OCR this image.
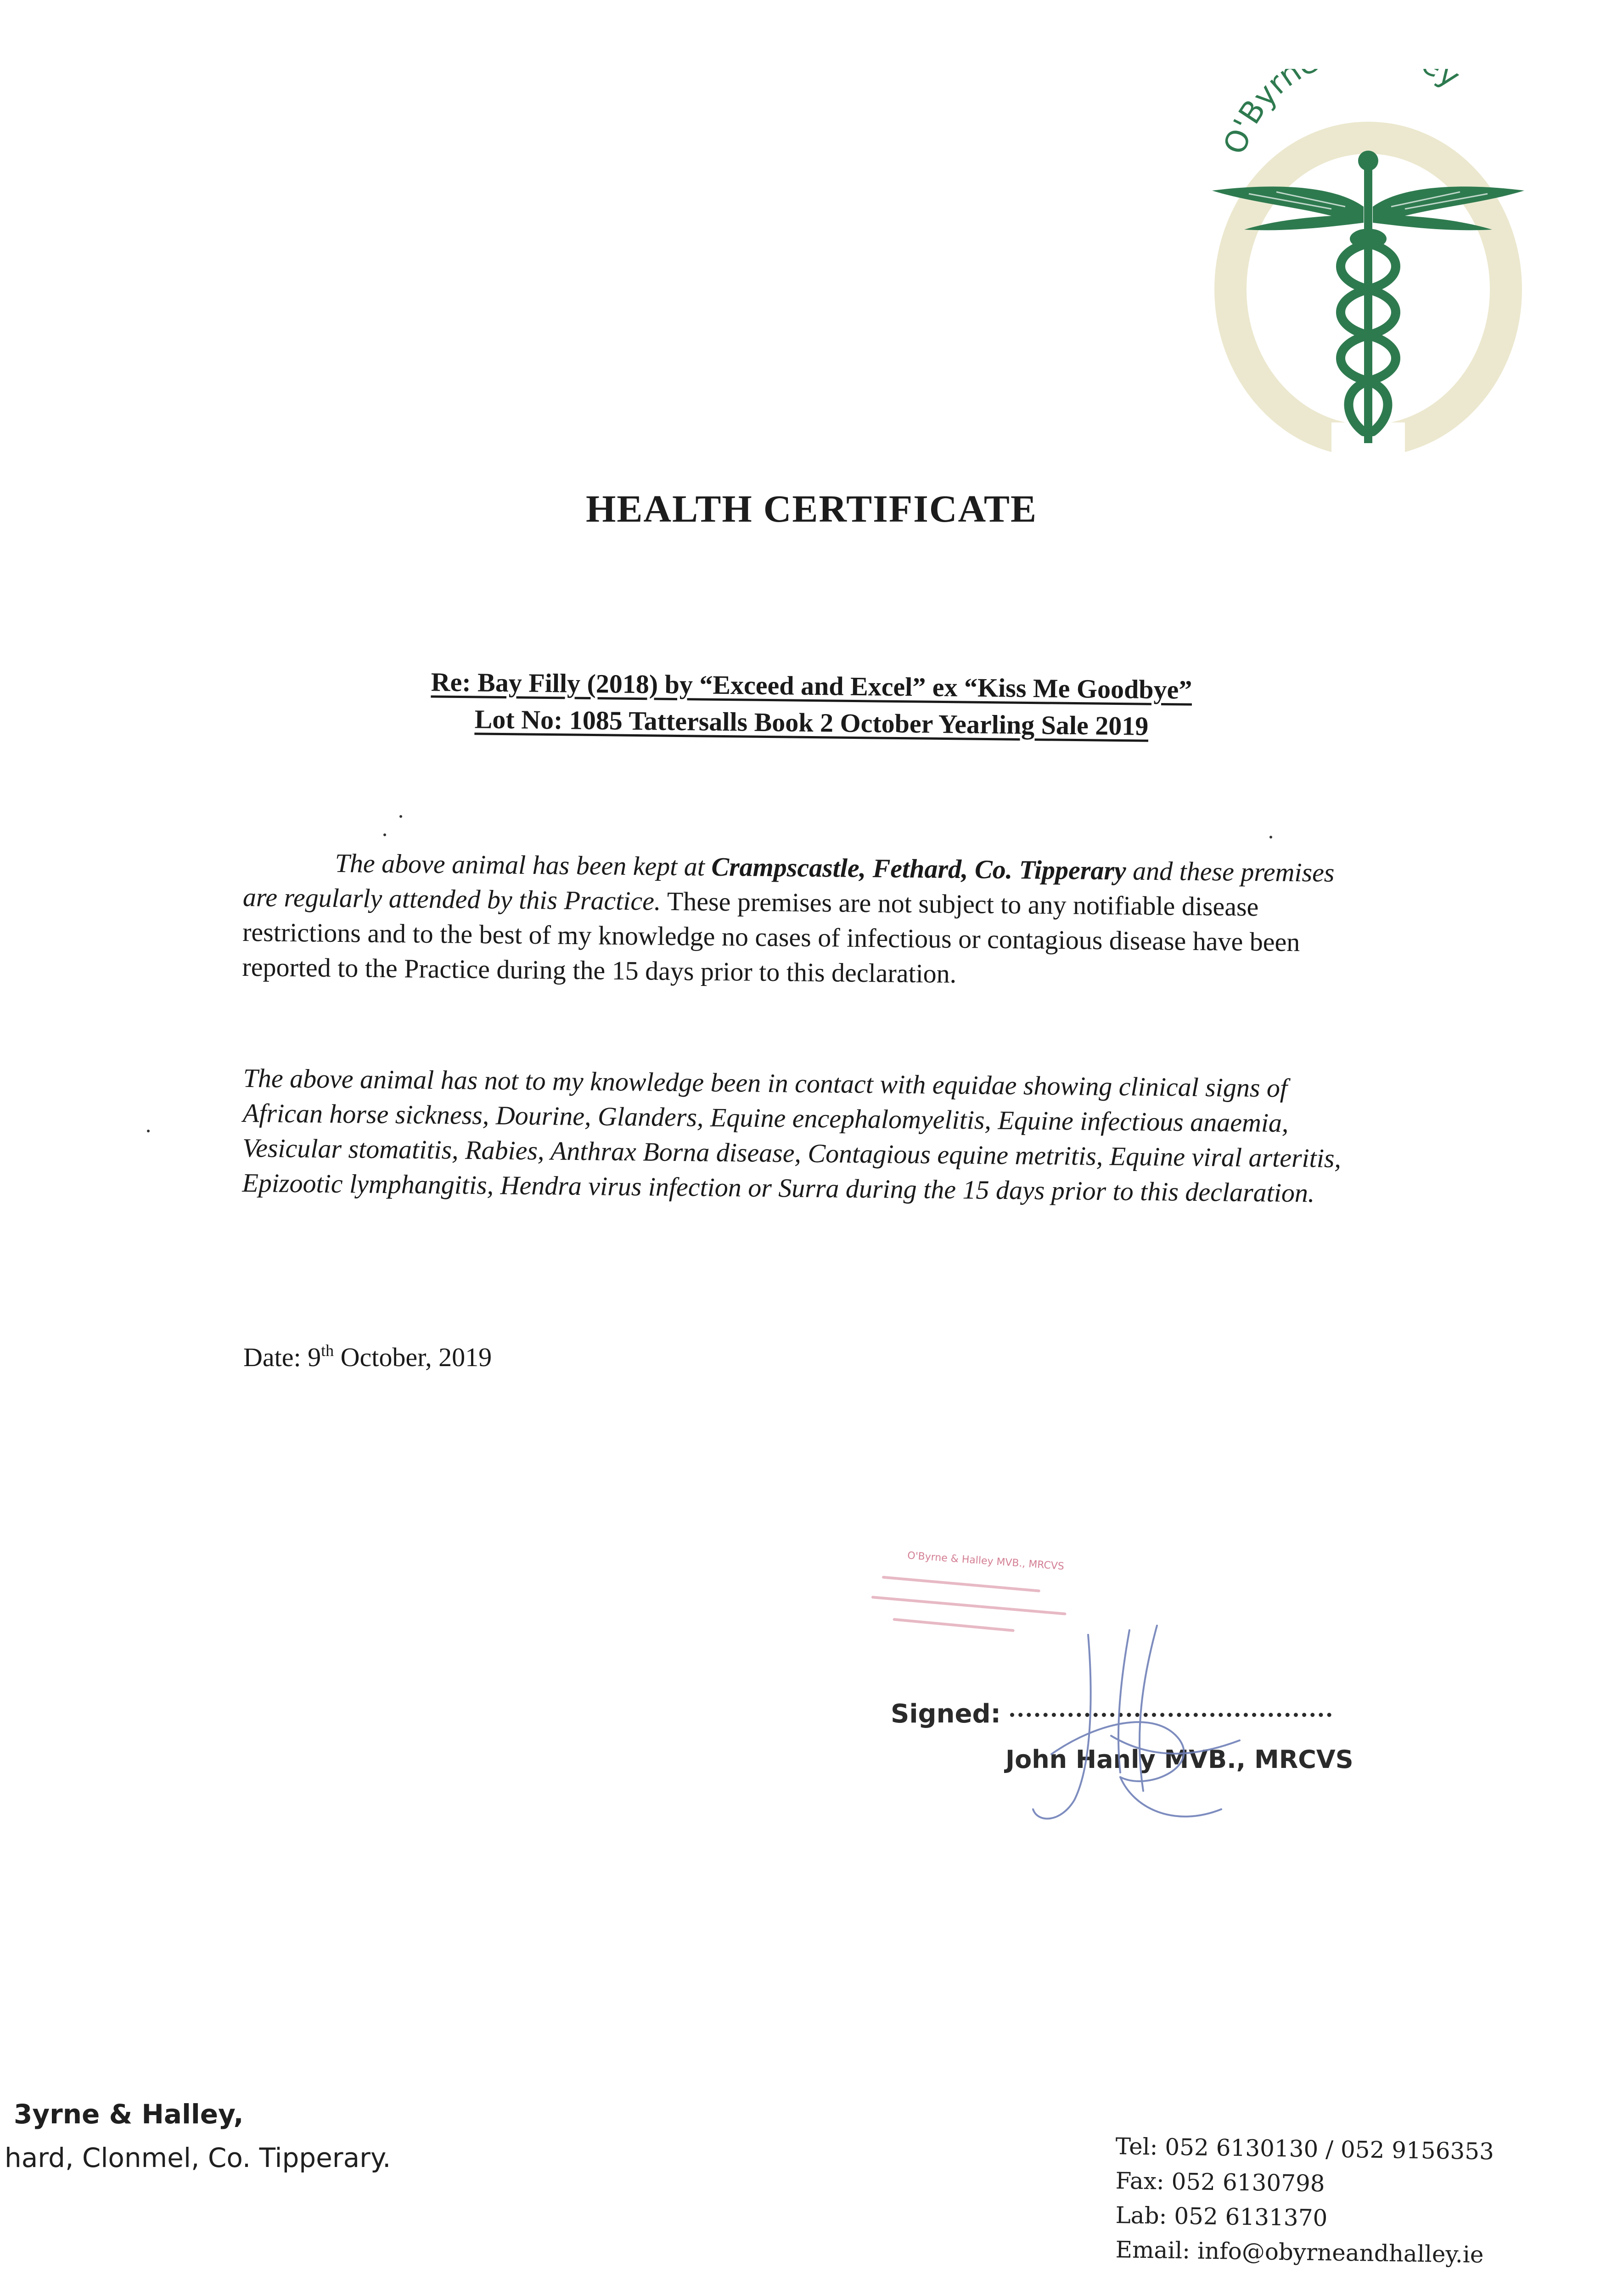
O'Byrn y
HEALTH CERTIFICATE
Re: Bay Filly (2018) by “Exceed and Excel” ex “Kiss Me Goodbye”
Lot No: 1085 Tattersalls Book 2 October Yearling Sale 2019
The above animal has been kept at Crampscastle, Fethard, Co. Tipperary and these premises are regularly attended by this Practice. These premises are not subject to any notifiable disease restrictions and to the best of my knowledge no cases of infectious or contagious disease have been reported to the Practice during the 15 days prior to this declaration.
The above animal has not to my knowledge been in contact with equidae showing clinical signs of African horse sickness, Dourine, Glanders, Equine encephalomyelitis, Equine infectious anaemia, Vesicular stomatitis, Rabies, Anthrax Borna disease, Contagious equine metritis, Equine viral arteritis, Epizootic lymphangitis, Hendra virus infection or Surra during the 15 days prior to this declaration.
Date: 9th October, 2019
O'Byrne & Halley MVB., MRCVS
Signed:
John Hanly MVB., MRCVS
3yrne & Halley,
hard, Clonmel, Co. Tipperary.	Tel: 052 6130130 / 052 9156353
Fax: 052 6130798
Lab: 052 6131370
Email: info@obyrneandhalley.ie
